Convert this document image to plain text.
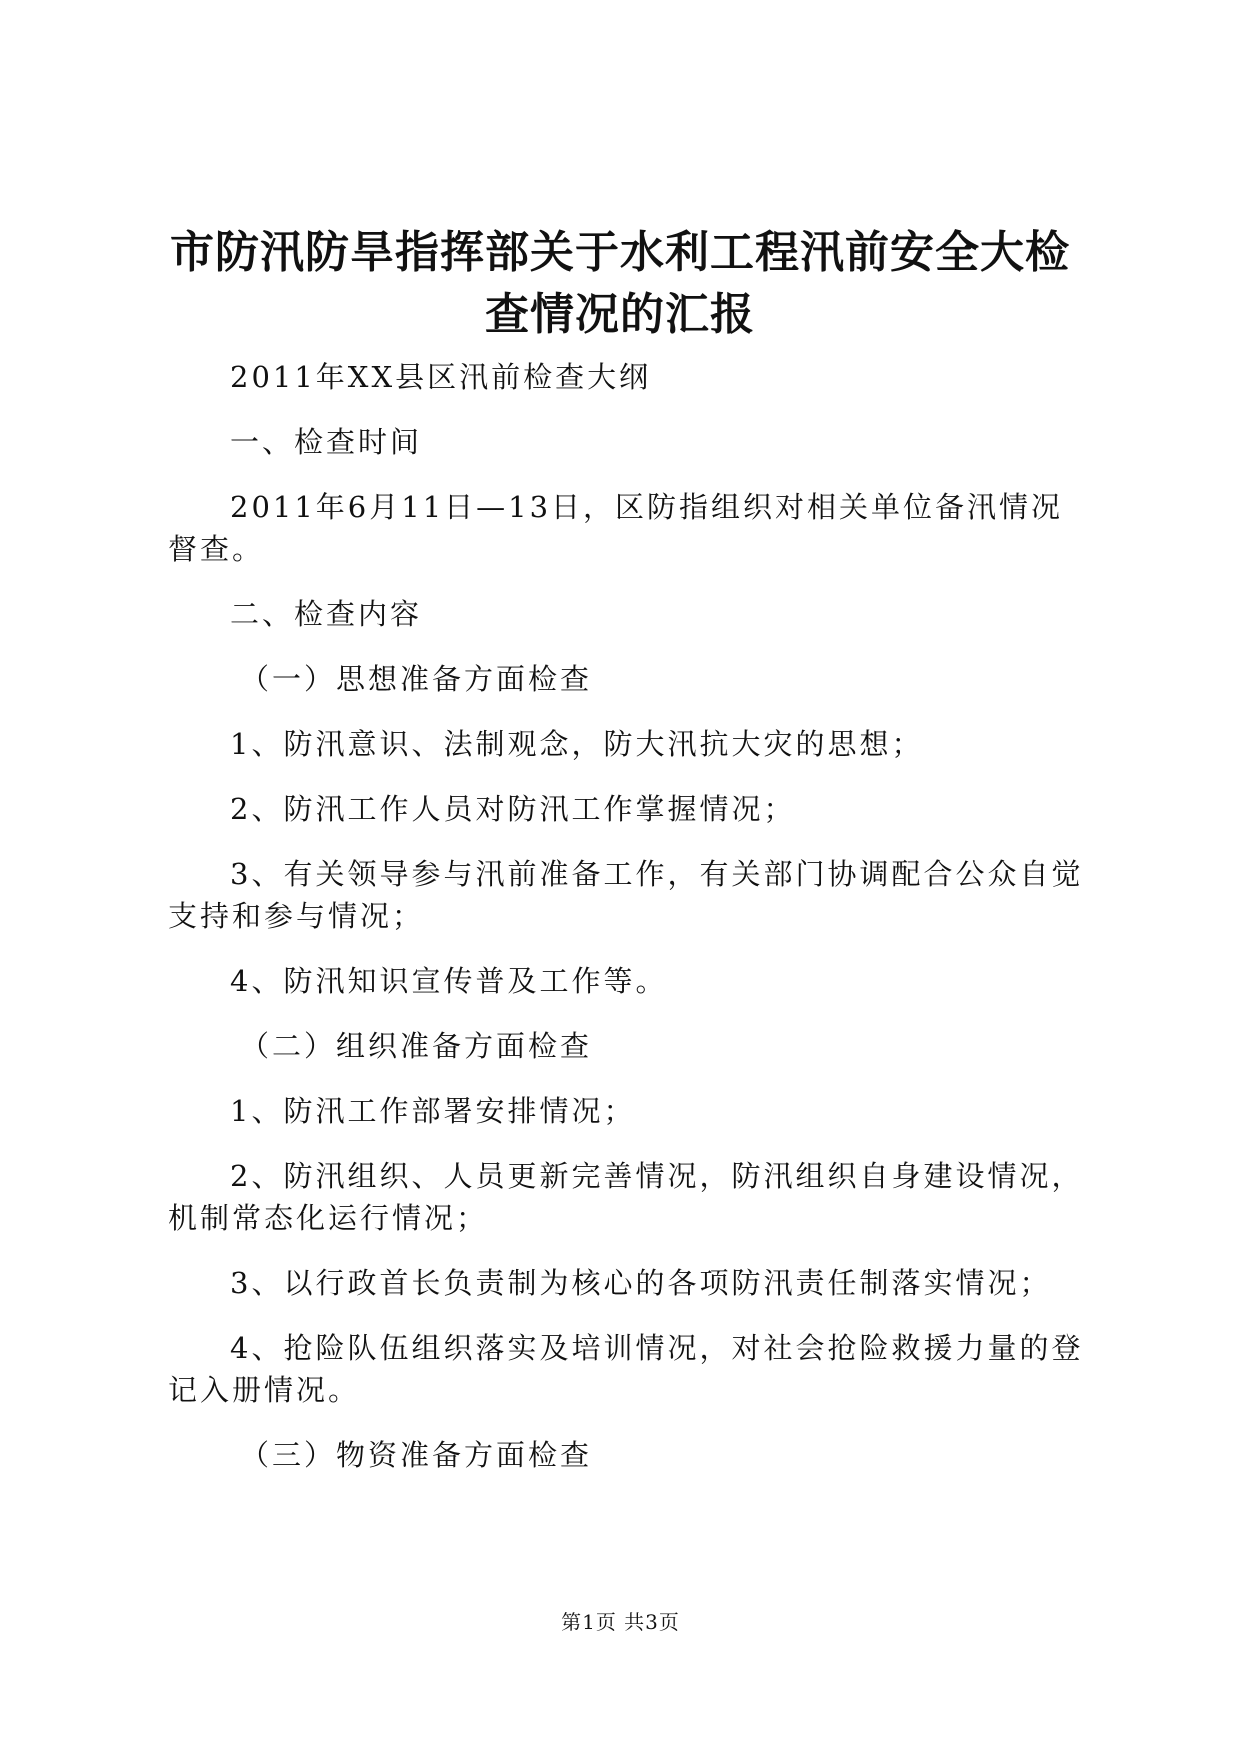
市防汛防旱指挥部关于水利工程汛前安全大检查情况的汇报

2011年XX县区汛前检查大纲

一、检查时间

2011年6月11日—13日，区防指组织对相关单位备汛情况督查。

二、检查内容

（一）思想准备方面检查

1、防汛意识、法制观念，防大汛抗大灾的思想；

2、防汛工作人员对防汛工作掌握情况；

3、有关领导参与汛前准备工作，有关部门协调配合公众自觉支持和参与情况；

4、防汛知识宣传普及工作等。

（二）组织准备方面检查

1、防汛工作部署安排情况；

2、防汛组织、人员更新完善情况，防汛组织自身建设情况，机制常态化运行情况；

3、以行政首长负责制为核心的各项防汛责任制落实情况；

4、抢险队伍组织落实及培训情况，对社会抢险救援力量的登记入册情况。

（三）物资准备方面检查

第1页 共3页
